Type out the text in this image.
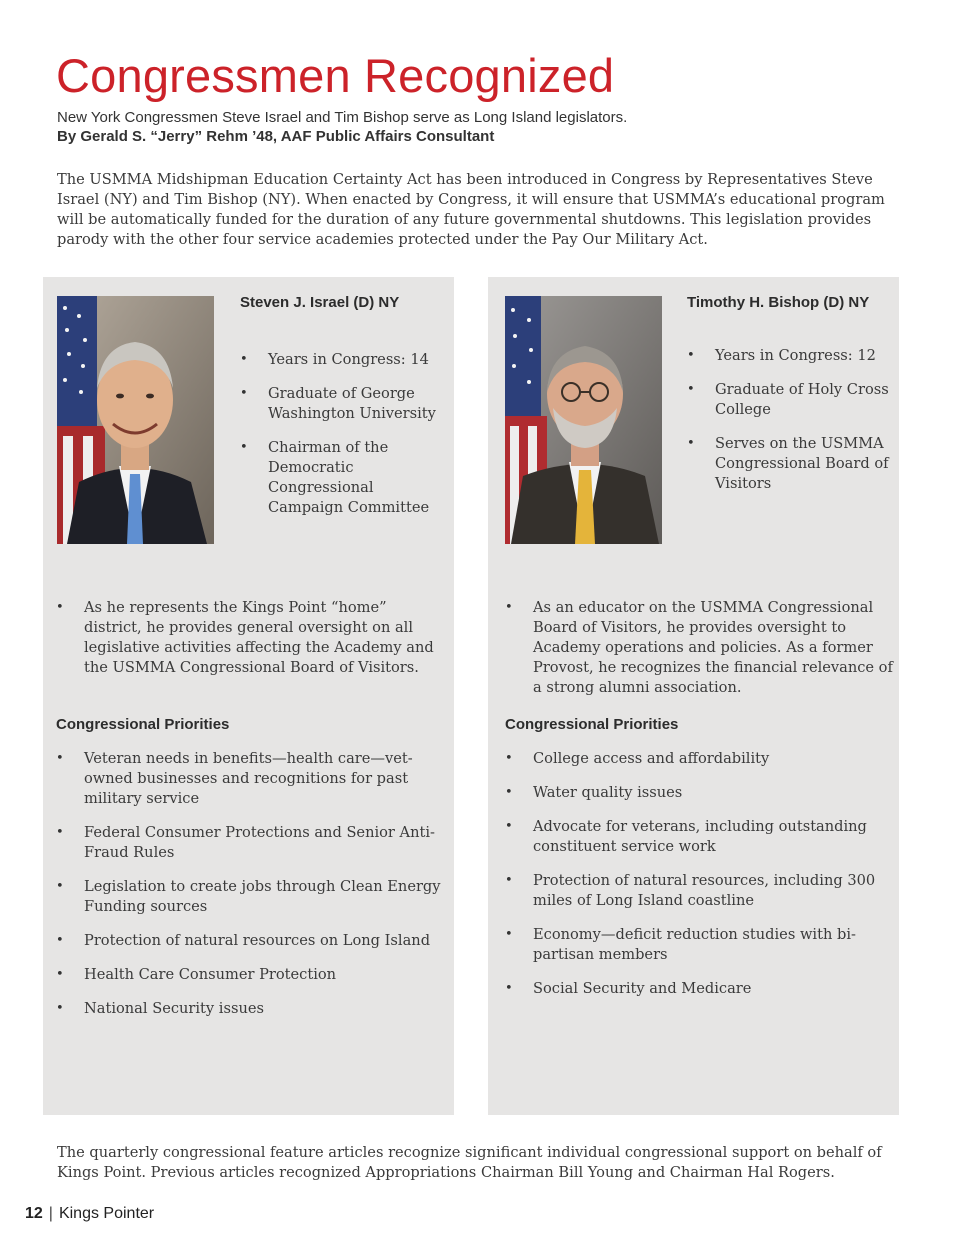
Congressmen Recognized
New York Congressmen Steve Israel and Tim Bishop serve as Long Island legislators.
By Gerald S. “Jerry” Rehm ’48, AAF Public Affairs Consultant

The USMMA Midshipman Education Certainty Act has been introduced in Congress by Representatives Steve Israel (NY) and Tim Bishop (NY). When enacted by Congress, it will ensure that USMMA’s educational program will be automatically funded for the duration of any future governmental shutdowns. This legislation provides parody with the other four service academies protected under the Pay Our Military Act.

Steven J. Israel (D) NY
• Years in Congress: 14
• Graduate of George Washington University
• Chairman of the Democratic Congressional Campaign Committee
• As he represents the Kings Point “home” district, he provides general oversight on all legislative activities affecting the Academy and the USMMA Congressional Board of Visitors.
Congressional Priorities
• Veteran needs in benefits—health care—vet-owned businesses and recognitions for past military service
• Federal Consumer Protections and Senior Anti-Fraud Rules
• Legislation to create jobs through Clean Energy Funding sources
• Protection of natural resources on Long Island
• Health Care Consumer Protection
• National Security issues
Timothy H. Bishop (D) NY
• Years in Congress: 12
• Graduate of Holy Cross College
• Serves on the USMMA Congressional Board of Visitors
• As an educator on the USMMA Congressional Board of Visitors, he provides oversight to Academy operations and policies. As a former Provost, he recognizes the financial relevance of a strong alumni association.
Congressional Priorities
• College access and affordability
• Water quality issues
• Advocate for veterans, including outstanding constituent service work
• Protection of natural resources, including 300 miles of Long Island coastline
• Economy—deficit reduction studies with bi-partisan members
• Social Security and Medicare

The quarterly congressional feature articles recognize significant individual congressional support on behalf of Kings Point. Previous articles recognized Appropriations Chairman Bill Young and Chairman Hal Rogers.

12 | Kings Pointer
